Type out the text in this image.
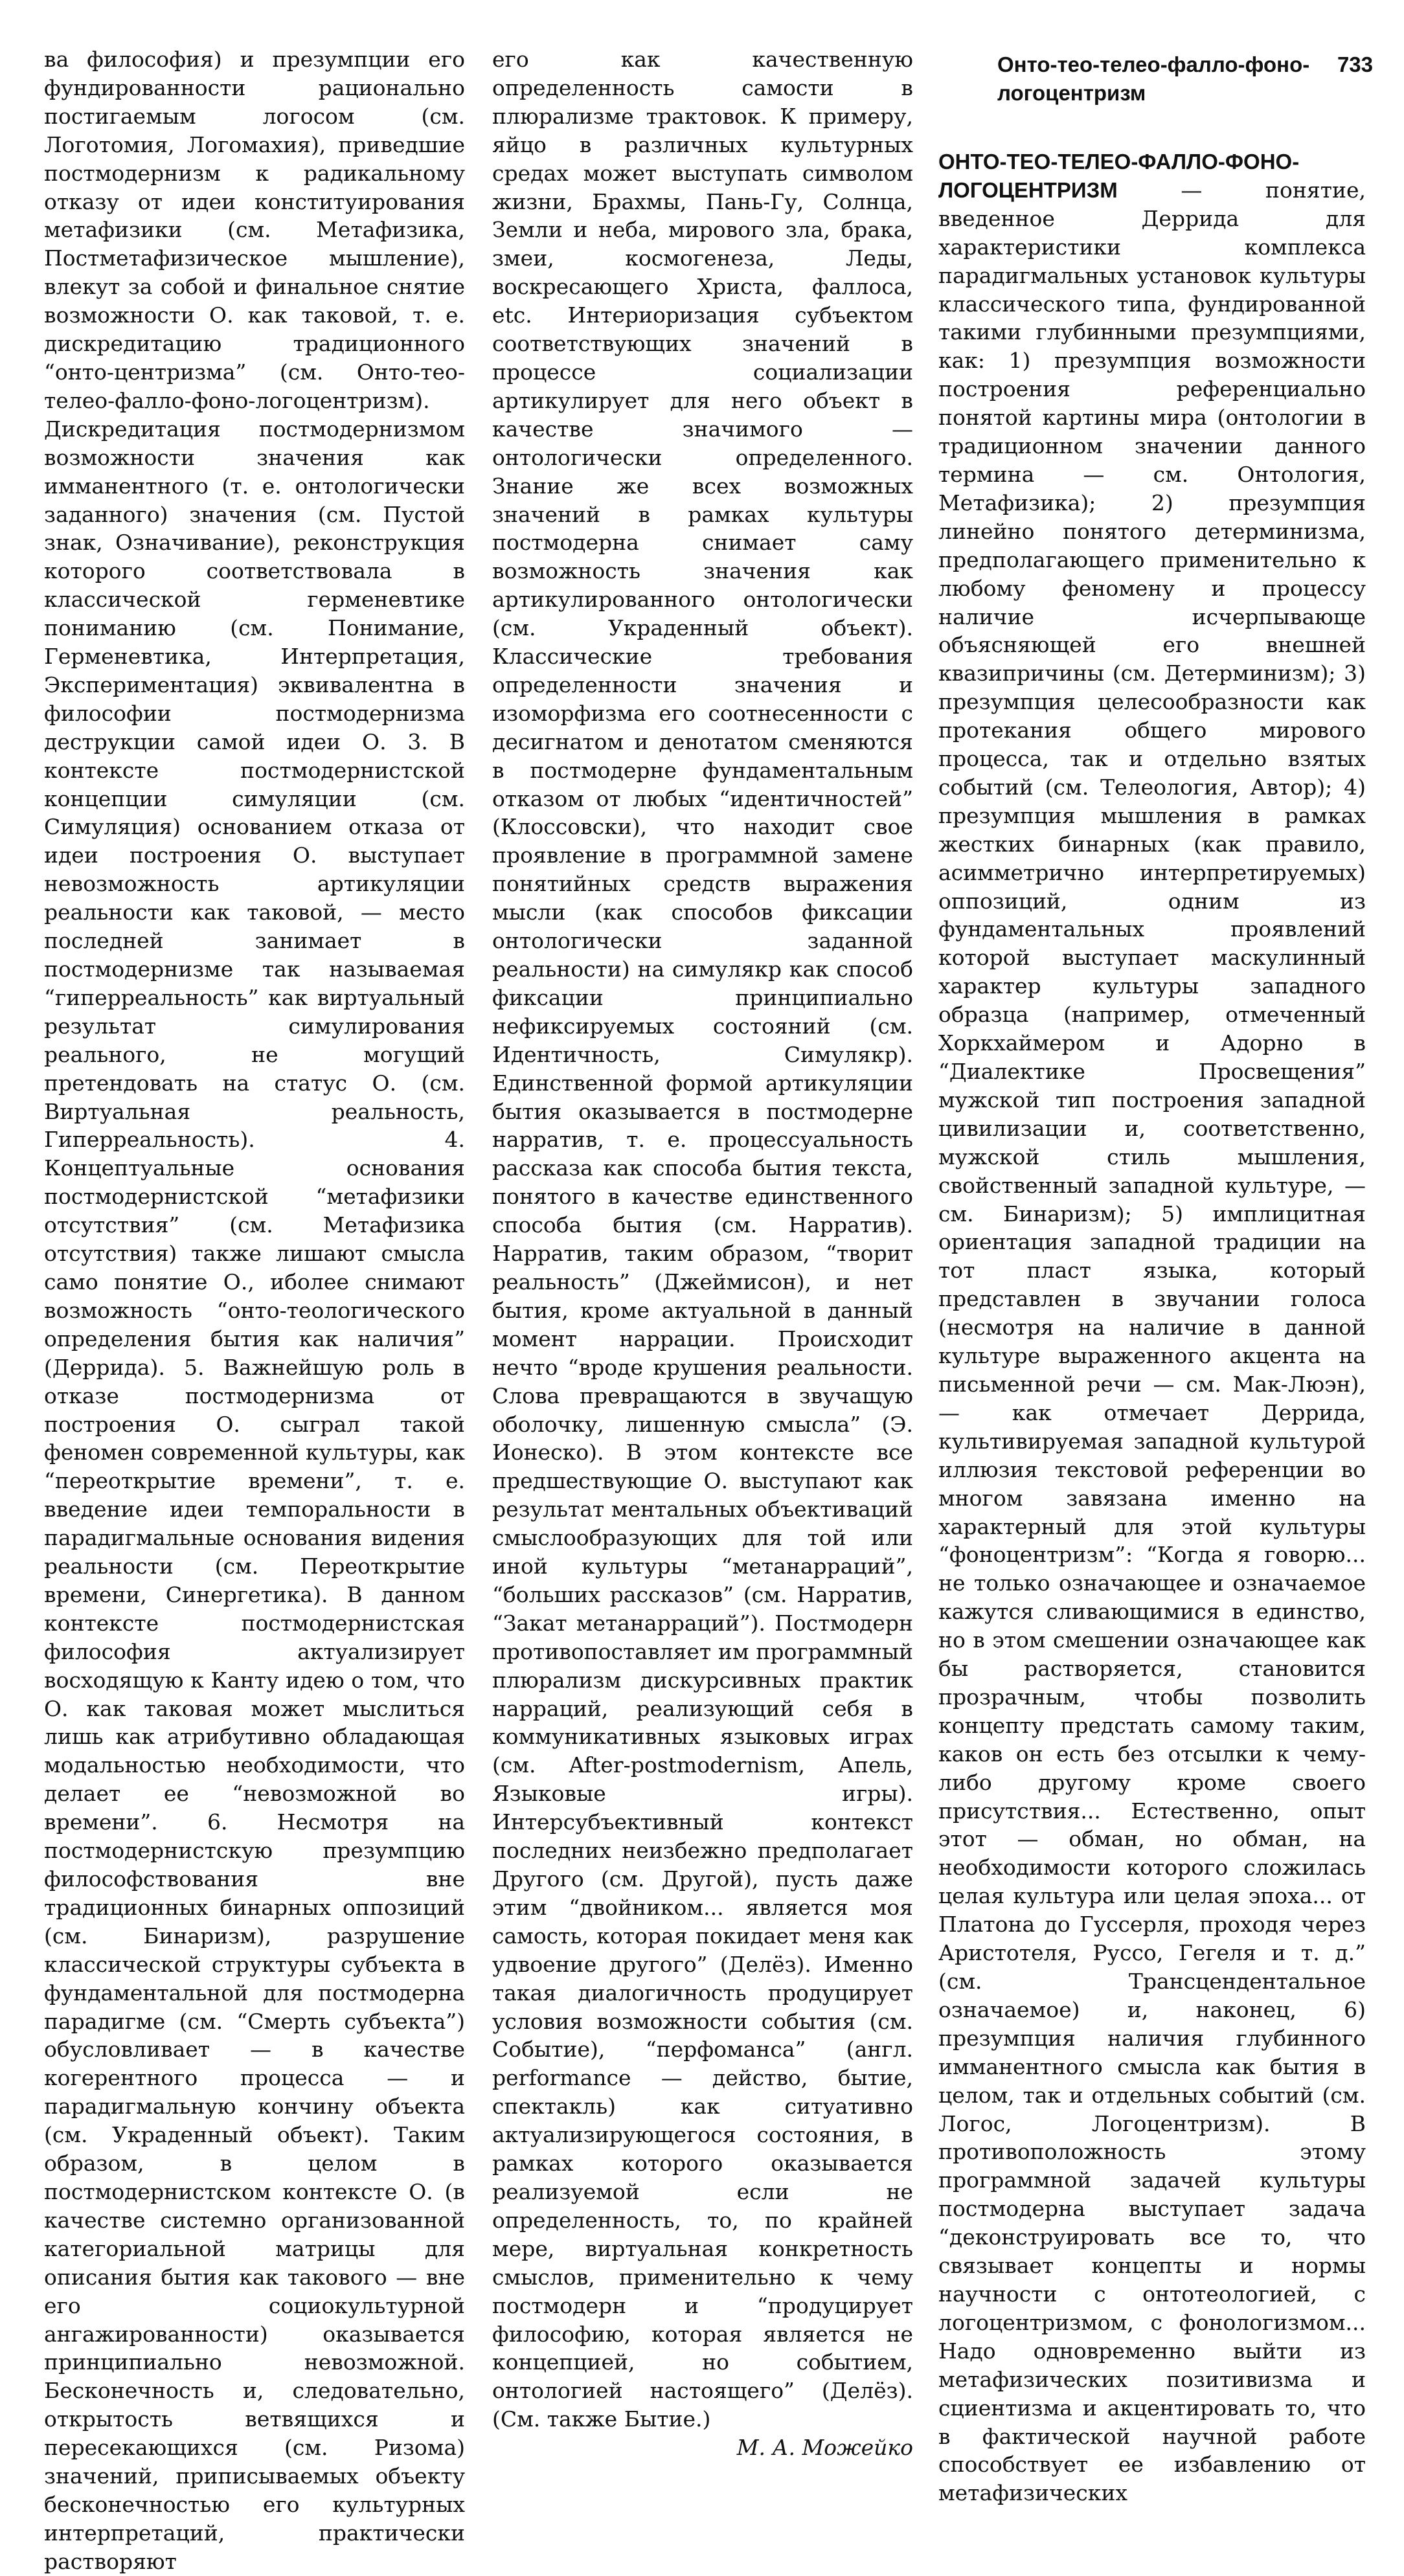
Онто-тео-телео-фалло-фоно-логоцентризм
733

ва философия) и презумпции его фундированности рационально постигаемым логосом (см. Логотомия, Логомахия), приведшие постмодернизм к радикальному отказу от идеи конституирования метафизики (см. Метафизика, Постметафизическое мышление), влекут за собой и финальное снятие возможности О. как таковой, т. е. дискредитацию традиционного “онто-центризма” (см. Онто-тео-телео-фалло-фоно-логоцентризм). Дискредитация постмодернизмом возможности значения как имманентного (т. е. онтологически заданного) значения (см. Пустой знак, Означивание), реконструкция которого соответствовала в классической герменевтике пониманию (см. Понимание, Герменевтика, Интерпретация, Экспериментация) эквивалентна в философии постмодернизма деструкции самой идеи О. 3. В контексте постмодернистской концепции симуляции (см. Симуляция) основанием отказа от идеи построения О. выступает невозможность артикуляции реальности как таковой, — место последней занимает в постмодернизме так называемая “гиперреальность” как виртуальный результат симулирования реального, не могущий претендовать на статус О. (см. Виртуальная реальность, Гиперреальность). 4. Концептуальные основания постмодернистской “метафизики отсутствия” (см. Метафизика отсутствия) также лишают смысла само понятие О., иболее снимают возможность “онто-теологического определения бытия как наличия” (Деррида). 5. Важнейшую роль в отказе постмодернизма от построения О. сыграл такой феномен современной культуры, как “переоткрытие времени”, т. е. введение идеи темпоральности в парадигмальные основания видения реальности (см. Переоткрытие времени, Синергетика). В данном контексте постмодернистская философия актуализирует восходящую к Канту идею о том, что О. как таковая может мыслиться лишь как атрибутивно обладающая модальностью необходимости, что делает ее “невозможной во времени”. 6. Несмотря на постмодернистскую презумпцию философствования вне традиционных бинарных оппозиций (см. Бинаризм), разрушение классической структуры субъекта в фундаментальной для постмодерна парадигме (см. “Смерть субъекта”) обусловливает — в качестве когерентного процесса — и парадигмальную кончину объекта (см. Украденный объект). Таким образом, в целом в постмодернистском контексте О. (в качестве системно организованной категориальной матрицы для описания бытия как такового — вне его социокультурной ангажированности) оказывается принципиально невозможной. Бесконечность и, следовательно, открытость ветвящихся и пересекающихся (см. Ризома) значений, приписываемых объекту бесконечностью его культурных интерпретаций, практически растворяют

его как качественную определенность самости в плюрализме трактовок. К примеру, яйцо в различных культурных средах может выступать символом жизни, Брахмы, Пань-Гу, Солнца, Земли и неба, мирового зла, брака, змеи, космогенеза, Леды, воскресающего Христа, фаллоса, etc. Интериоризация субъектом соответствующих значений в процессе социализации артикулирует для него объект в качестве значимого — онтологически определенного. Знание же всех возможных значений в рамках культуры постмодерна снимает саму возможность значения как артикулированного онтологически (см. Украденный объект). Классические требования определенности значения и изоморфизма его соотнесенности с десигнатом и денотатом сменяются в постмодерне фундаментальным отказом от любых “идентичностей” (Клоссовски), что находит свое проявление в программной замене понятийных средств выражения мысли (как способов фиксации онтологически заданной реальности) на симулякр как способ фиксации принципиально нефиксируемых состояний (см. Идентичность, Симулякр). Единственной формой артикуляции бытия оказывается в постмодерне нарратив, т. е. процессуальность рассказа как способа бытия текста, понятого в качестве единственного способа бытия (см. Нарратив). Нарратив, таким образом, “творит реальность” (Джеймисон), и нет бытия, кроме актуальной в данный момент наррации. Происходит нечто “вроде крушения реальности. Слова превращаются в звучащую оболочку, лишенную смысла” (Э. Ионеско). В этом контексте все предшествующие О. выступают как результат ментальных объективаций смыслообразующих для той или иной культуры “метанарраций”, “больших рассказов” (см. Нарратив, “Закат метанарраций”). Постмодерн противопоставляет им программный плюрализм дискурсивных практик нарраций, реализующий себя в коммуникативных языковых играх (см. After-postmodernism, Апель, Языковые игры). Интерсубъективный контекст последних неизбежно предполагает Другого (см. Другой), пусть даже этим “двойником... является моя самость, которая покидает меня как удвоение другого” (Делёз). Именно такая диалогичность продуцирует условия возможности события (см. Событие), “перфоманса” (англ. performance — действо, бытие, спектакль) как ситуативно актуализирующегося состояния, в рамках которого оказывается реализуемой если не определенность, то, по крайней мере, виртуальная конкретность смыслов, применительно к чему постмодерн и “продуцирует философию, которая является не концепцией, но событием, онтологией настоящего” (Делёз). (См. также Бытие.)

М. А. Можейко

ОНТО-ТЕО-ТЕЛЕО-ФАЛЛО-ФОНО-ЛОГОЦЕНТРИЗМ — понятие, введенное Деррида для характеристики комплекса парадигмальных установок культуры классического типа, фундированной такими глубинными презумпциями, как: 1) презумпция возможности построения референциально понятой картины мира (онтологии в традиционном значении данного термина — см. Онтология, Метафизика); 2) презумпция линейно понятого детерминизма, предполагающего применительно к любому феномену и процессу наличие исчерпывающе объясняющей его внешней квазипричины (см. Детерминизм); 3) презумпция целесообразности как протекания общего мирового процесса, так и отдельно взятых событий (см. Телеология, Автор); 4) презумпция мышления в рамках жестких бинарных (как правило, асимметрично интерпретируемых) оппозиций, одним из фундаментальных проявлений которой выступает маскулинный характер культуры западного образца (например, отмеченный Хоркхаймером и Адорно в “Диалектике Просвещения” мужской тип построения западной цивилизации и, соответственно, мужской стиль мышления, свойственный западной культуре, — см. Бинаризм); 5) имплицитная ориентация западной традиции на тот пласт языка, который представлен в звучании голоса (несмотря на наличие в данной культуре выраженного акцента на письменной речи — см. Мак-Люэн), — как отмечает Деррида, культивируемая западной культурой иллюзия текстовой референции во многом завязана именно на характерный для этой культуры “фоноцентризм”: “Когда я говорю... не только означающее и означаемое кажутся сливающимися в единство, но в этом смешении означающее как бы растворяется, становится прозрачным, чтобы позволить концепту предстать самому таким, каков он есть без отсылки к чему-либо другому кроме своего присутствия... Естественно, опыт этот — обман, но обман, на необходимости которого сложилась целая культура или целая эпоха... от Платона до Гуссерля, проходя через Аристотеля, Руссо, Гегеля и т. д.” (см. Трансцендентальное означаемое) и, наконец, 6) презумпция наличия глубинного имманентного смысла как бытия в целом, так и отдельных событий (см. Логос, Логоцентризм). В противоположность этому программной задачей культуры постмодерна выступает задача “деконструировать все то, что связывает концепты и нормы научности с онтотеологией, с логоцентризмом, с фонологизмом... Надо одновременно выйти из метафизических позитивизма и сциентизма и акцентировать то, что в фактической научной работе способствует ее избавлению от метафизических
